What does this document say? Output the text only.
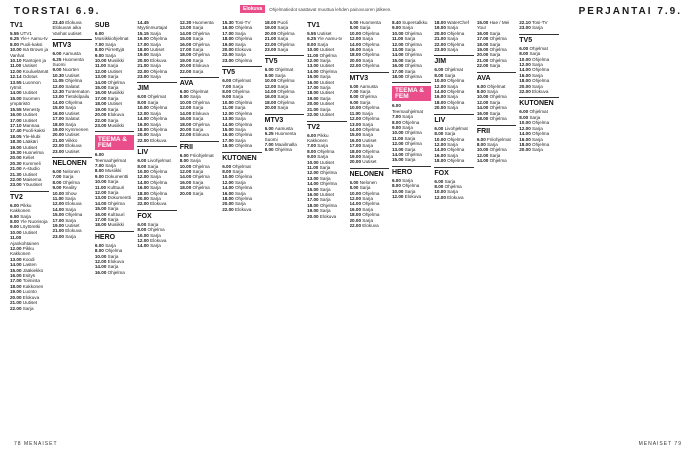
TORSTAI 6.9.	Elokuva	Ohjelmatiedot saattavat muuttua lehden painovuoren jälkeen.	PERJANTAI 7.9.
TV1
5.55 UTV1
6.25 Yle+ Aamu-tv
8.00 Puoli-kaksi
10.00 Isä Brown ja Vanhat
10.10 Rantojen ja
11.00 Uutiset
12.00 Kouluelämät
12.14 Odotus
13.55 Luonnon rytmit
14.00 Uutiset
15.00 Suomen ympäristö
15.55 Menesty
16.00 Uutiset
17.00 Uutiset
17.10 Mannaa
17.40 Puoli-kaksi
18.05 Yle-klubi
18.30 Lääkäri
19.00 Uutiset
19.30 Huonelma
20.00 Keliet
20.30 Kummeli
21.00 A-studio
21.30 Uutiset
22.00 Maisema
23.00 Yöuutiset
TV2
6.00 Pikku Kakkonen
6.50 Sarja
8.00 Yle Nuorisoja
9.00 Löytöretki
10.00 Uutiset
11.00 Ajankohtainen
12.00 Pikku Kakkonen
13.00 Koodi
14.00 Lasten
15.00 Jääkiekko
16.00 Esitys
17.00 Toiminta
18.00 Kakkonen
19.00 Luonto
20.00 Elokuva
21.00 Uutiset
22.00 Sarja
23.40 Elokuva
Elokuvan aika
Vanhat uutiset
MTV3
6.00 Aamusta
6.25 Huomenta Suomi
9.00 Nuorten
10.30 Uutiset
11.05 Ohjelma
12.00 Salatut
12.30 Tuntematon
13.00 Tietokilpailu
14.00 Ohjelma
15.00 Sarja
16.00 Uutiset
17.00 Salatut
18.00 Sarja
19.00 Kymmenen
20.00 Uutiset
21.00 Viikko
22.00 Elokuva
23.00 Uutiset
NELONEN
6.00 Nelonen
7.00 Sarja
8.00 Ohjelma
9.00 Reality
10.00 Show
11.00 Sarja
12.00 Elokuva
14.00 Sarja
15.00 Ohjelma
17.00 Sarja
19.00 Uutiset
21.00 Elokuva
23.00 Sarja
SUB
6.00 Musiikkiohjelmat
7.00 Sarja
8.00 Piirrettyjä
9.00 Sarja
10.00 Musiikki
11.00 Sarja
12.00 Uutiset
13.00 Sarja
14.00 Ohjelma
15.00 Sarja
16.00 Musiikki
17.00 Sarja
18.00 Uutiset
19.00 Sarja
20.00 Elokuva
22.00 Sarja
23.00 Musiikki
TEEMA & FEM
6.00 Teemaohjelmat
7.00 Sarja
8.00 Musiikki
9.00 Dokumentti
10.00 Sarja
11.00 Kulttuuri
12.00 Sarja
13.00 Dokumentti
14.00 Ohjelma
15.00 Sarja
16.00 Kulttuuri
17.00 Sarja
18.00 Musiikki
HERO
6.00 Sarja
8.00 Ohjelma
10.00 Sarja
12.00 Elokuva
14.00 Sarja
16.00 Ohjelma
14.45 Myytinmurtajat
15.15 Sarja
16.00 Ohjelma
17.00 Sarja
18.00 Uutiset
19.00 Sarja
20.00 Elokuva
21.00 Sarja
22.00 Ohjelma
23.00 Sarja
JIM
6.00 Ohjelmat
8.00 Sarja
10.00 Ohjelma
12.00 Sarja
14.00 Ohjelma
16.00 Sarja
18.00 Ohjelma
20.00 Sarja
22.00 Elokuva
LIV
6.00 Livohjelmat
8.00 Sarja
10.00 Ohjelma
12.00 Sarja
14.00 Ohjelma
16.00 Sarja
18.00 Ohjelma
20.00 Sarja
22.00 Elokuva
FOX
6.00 Sarja
8.00 Ohjelma
10.00 Sarja
12.00 Elokuva
14.00 Sarja
12.30 Huomenta
13.00 Sarja
14.00 Ohjelma
15.00 Sarja
16.00 Ohjelma
17.00 Sarja
18.00 Ohjelma
19.00 Sarja
20.00 Elokuva
22.00 Sarja
AVA
6.00 Ohjelmat
8.00 Sarja
10.00 Ohjelma
12.00 Sarja
14.00 Elokuva
16.00 Sarja
18.00 Ohjelma
20.00 Sarja
22.00 Elokuva
FRII
6.00 Friiohjelmat
8.00 Sarja
10.00 Ohjelma
12.00 Sarja
14.00 Ohjelma
16.00 Sarja
18.00 Ohjelma
20.00 Sarja
15.30 Tosi-TV
16.00 Ohjelma
17.00 Sarja
18.00 Ohjelma
19.00 Sarja
20.00 Elokuva
22.00 Sarja
23.00 Ohjelma
TV5
6.00 Ohjelmat
7.00 Sarja
8.00 Ohjelma
9.00 Sarja
10.00 Ohjelma
11.00 Sarja
12.00 Ohjelma
13.00 Sarja
14.00 Ohjelma
15.00 Sarja
16.00 Ohjelma
17.00 Sarja
18.00 Ohjelma
KUTONEN
6.00 Ohjelmat
8.00 Sarja
10.00 Ohjelma
12.00 Sarja
14.00 Ohjelma
16.00 Sarja
18.00 Ohjelma
20.00 Sarja
22.00 Elokuva
18.00 Puoli
19.00 Sarja
20.00 Ohjelma
21.00 Sarja
22.00 Ohjelma
23.00 Sarja
TV5
6.00 Ohjelmat
8.00 Sarja
10.00 Ohjelma
12.00 Sarja
14.00 Ohjelma
16.00 Sarja
18.00 Ohjelma
20.00 Sarja
MTV3
6.00 Aamusta
6.25 Huomenta Suomi
7.00 Maailmalla
8.00 Ohjelma
TV1
5.55 Uutiset
6.25 Yle Aamu-tv
8.00 Sarja
10.00 Uutiset
11.00 Ohjelma
12.00 Sarja
13.00 Uutiset
14.00 Ohjelma
15.00 Sarja
16.00 Uutiset
17.00 Sarja
18.00 Uutiset
19.00 Sarja
20.00 Uutiset
21.00 Sarja
22.00 Uutiset
TV2
6.00 Pikku Kakkonen
7.00 Sarja
8.00 Ohjelma
9.00 Sarja
10.00 Uutiset
11.00 Sarja
12.00 Ohjelma
13.00 Sarja
14.00 Ohjelma
15.00 Sarja
16.00 Uutiset
17.00 Sarja
18.00 Ohjelma
19.00 Sarja
20.00 Elokuva
6.00 Huomenta
8.00 Sarja
10.00 Ohjelma
12.00 Sarja
14.00 Ohjelma
16.00 Sarja
18.00 Ohjelma
20.00 Sarja
22.00 Ohjelma
MTV3
6.00 Aamusta
7.00 Sarja
8.00 Ohjelma
9.00 Sarja
10.00 Ohjelma
11.00 Sarja
12.00 Ohjelma
13.00 Sarja
14.00 Ohjelma
15.00 Sarja
16.00 Uutiset
17.00 Sarja
18.00 Ohjelma
19.00 Sarja
20.00 Uutiset
NELONEN
6.00 Nelonen
8.00 Sarja
10.00 Ohjelma
12.00 Sarja
14.00 Ohjelma
16.00 Sarja
18.00 Ohjelma
20.00 Sarja
22.00 Elokuva
8.40 Supersalkku
9.00 Sarja
10.00 Ohjelma
11.00 Sarja
12.00 Ohjelma
13.00 Sarja
14.00 Ohjelma
15.00 Sarja
16.00 Ohjelma
17.00 Sarja
18.00 Ohjelma
TEEMA & FEM
6.00 Teemaohjelmat
7.00 Sarja
8.00 Ohjelma
9.00 Sarja
10.00 Ohjelma
11.00 Sarja
12.00 Ohjelma
13.00 Sarja
14.00 Ohjelma
15.00 Sarja
HERO
6.00 Sarja
8.00 Ohjelma
10.00 Sarja
12.00 Elokuva
18.00 WaterChef
19.00 Sarja
20.00 Ohjelma
21.00 Sarja
22.00 Ohjelma
23.00 Sarja
JIM
6.00 Ohjelmat
8.00 Sarja
10.00 Ohjelma
12.00 Sarja
14.00 Ohjelma
16.00 Sarja
18.00 Ohjelma
20.00 Sarja
LIV
6.00 Livohjelmat
8.00 Sarja
10.00 Ohjelma
12.00 Sarja
14.00 Ohjelma
16.00 Sarja
18.00 Ohjelma
FOX
6.00 Sarja
8.00 Ohjelma
10.00 Sarja
12.00 Elokuva
15.00 Hae / Mei Your
16.00 Sarja
17.00 Ohjelma
18.00 Sarja
19.00 Ohjelma
20.00 Sarja
21.00 Ohjelma
22.00 Sarja
AVA
6.00 Ohjelmat
8.00 Sarja
10.00 Ohjelma
12.00 Sarja
14.00 Ohjelma
16.00 Sarja
18.00 Ohjelma
FRII
6.00 Friiohjelmat
8.00 Sarja
10.00 Ohjelma
12.00 Sarja
14.00 Ohjelma
22.10 Tosi-TV
23.00 Sarja
TV5
6.00 Ohjelmat
8.00 Sarja
10.00 Ohjelma
12.00 Sarja
14.00 Ohjelma
16.00 Sarja
18.00 Ohjelma
20.00 Sarja
22.00 Elokuva
KUTONEN
6.00 Ohjelmat
8.00 Sarja
10.00 Ohjelma
12.00 Sarja
14.00 Ohjelma
16.00 Sarja
18.00 Ohjelma
20.00 Sarja
78 MENAISET	MENAISET 79
